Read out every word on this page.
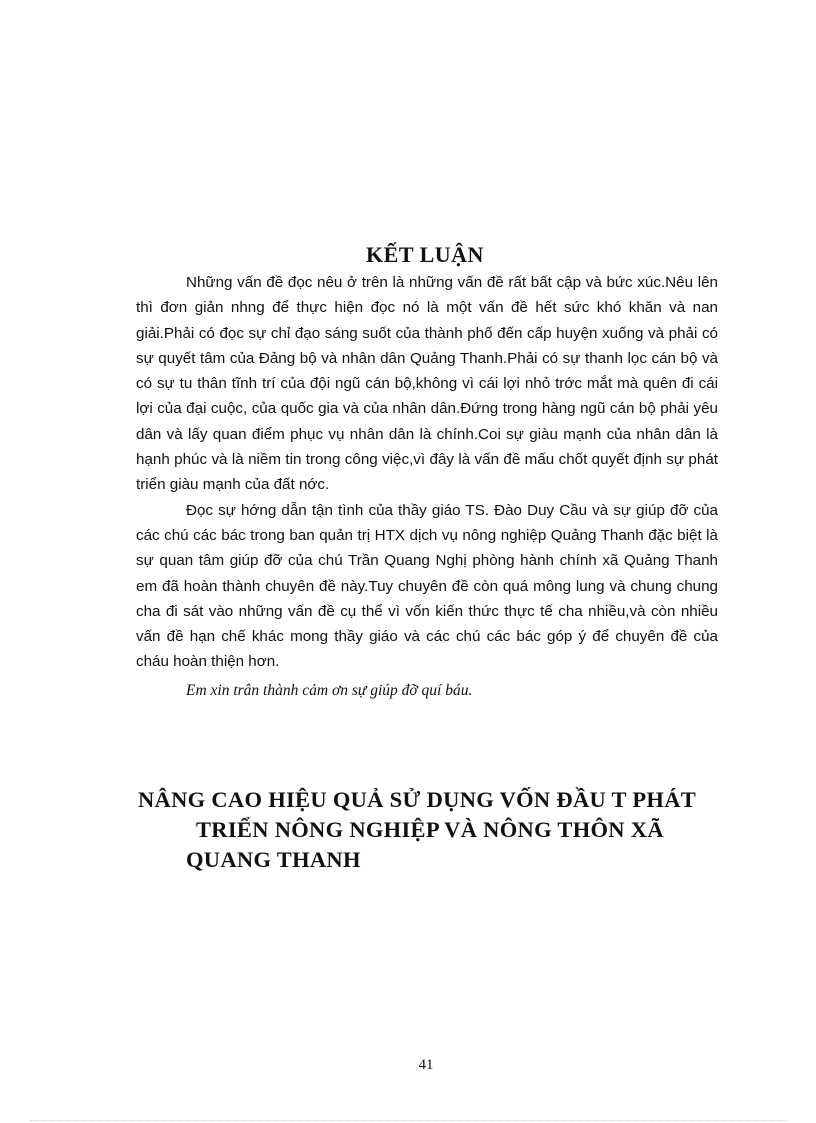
KẾT LUẬN

Những vấn đề đọc nêu ở trên là những vấn đề rất bất cập và bức xúc.Nêu lên thì đơn giản nhng để thực hiện đọc nó là một vấn đề hết sức khó khăn và nan giải.Phải có đọc sự chỉ đạo sáng suốt của thành phố đến cấp huyện xuống và phải có sự quyết tâm của Đảng bộ và nhân dân Quảng Thanh.Phải có sự thanh lọc cán bộ và có sự tu thân tĩnh trí của đội ngũ cán bộ,không vì cái lợi nhỏ trớc mắt mà quên đi cái lợi của đại cuộc, của quốc gia và của nhân dân.Đứng trong hàng ngũ cán bộ phải yêu dân và lấy quan điểm phục vụ nhân dân là chính.Coi sự giàu mạnh của nhân dân là hạnh phúc và là niềm tin trong công việc,vì đây là vấn đề mấu chốt quyết định sự phát triển giàu mạnh của đất nớc.

Đọc sự hớng dẫn tận tình của thầy giáo TS. Đào Duy Cầu và sự giúp đỡ của các chú các bác trong ban quản trị HTX dịch vụ nông nghiệp Quảng Thanh đặc biệt là sự quan tâm giúp đỡ của chú Trần Quang Nghị phòng hành chính xã Quảng Thanh em đã hoàn thành chuyên đề này.Tuy chuyên đề còn quá mông lung và chung chung cha đi sát vào những vấn đề cụ thể vì vốn kiến thức thực tế cha nhiều,và còn nhiều vấn đề hạn chế khác mong thầy giáo và các chú các bác góp ý để chuyên đề của cháu hoàn thiện hơn.

Em xin trân thành cảm ơn sự giúp đỡ quí báu.

NÂNG CAO HIỆU QUẢ SỬ DỤNG VỐN ĐẦU T PHÁT
TRIỂN NÔNG NGHIỆP VÀ NÔNG THÔN XÃ
QUANG THANH
41
